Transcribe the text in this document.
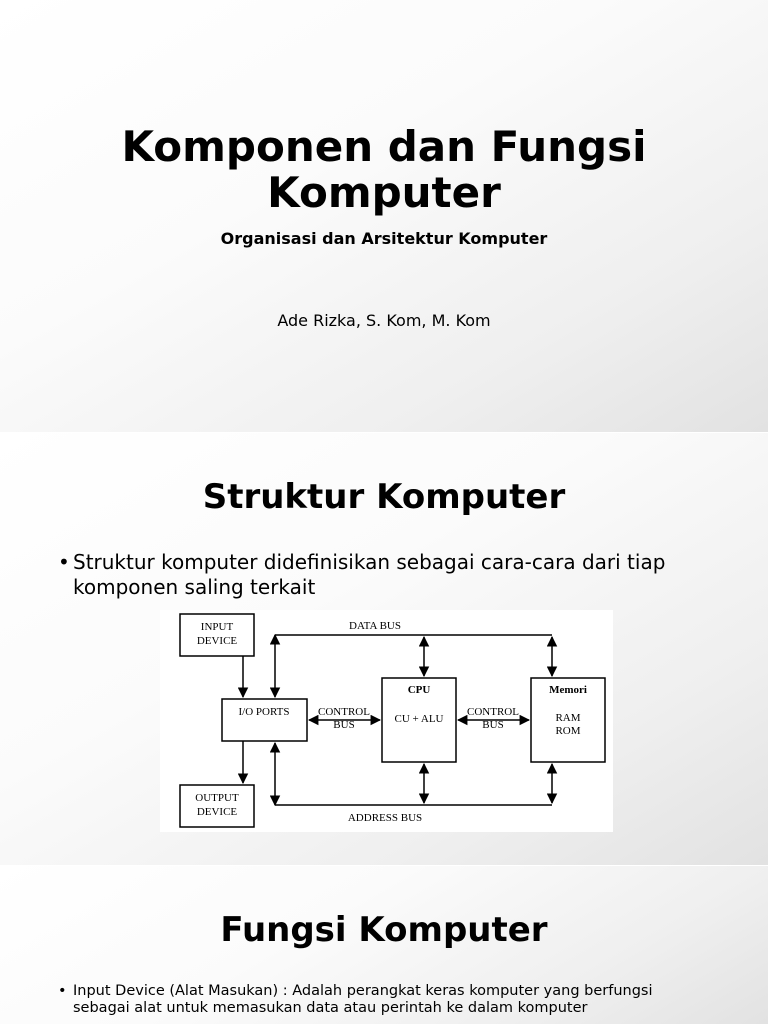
Komponen dan Fungsi
Komputer
Organisasi dan Arsitektur Komputer
Ade Rizka, S. Kom, M. Kom
Struktur Komputer
• Struktur komputer didefinisikan sebagai cara-cara dari tiap komponen saling terkait
INPUT
DEVICE
I/O PORTS
OUTPUT
DEVICE
CPU
CU + ALU
Memori
RAM
ROM
CONTROL
BUS
CONTROL
BUS
DATA BUS
ADDRESS BUS
Fungsi Komputer
• Input Device (Alat Masukan) : Adalah perangkat keras komputer yang berfungsi sebagai alat untuk memasukan data atau perintah ke dalam komputer
